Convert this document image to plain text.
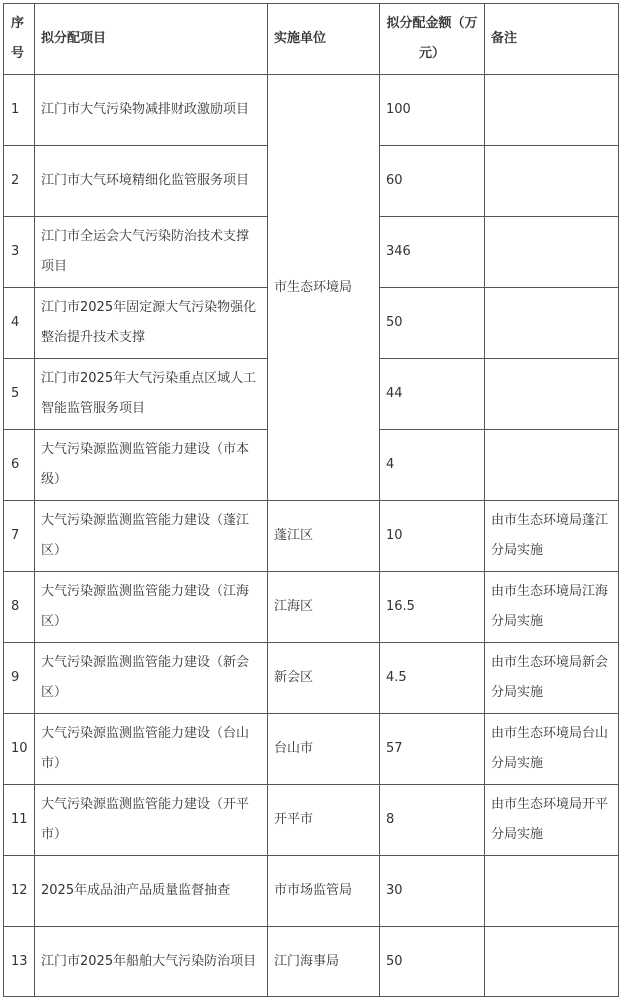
序号	拟分配项目	实施单位	拟分配金额（万元）	备注
1	江门市大气污染物减排财政激励项目	市生态环境局	100	
2	江门市大气环境精细化监管服务项目		60	
3	江门市全运会大气污染防治技术支撑项目		346	
4	江门市2025年固定源大气污染物强化整治提升技术支撑		50	
5	江门市2025年大气污染重点区域人工智能监管服务项目		44	
6	大气污染源监测监管能力建设（市本级）		4	
7	大气污染源监测监管能力建设（蓬江区）	蓬江区	10	由市生态环境局蓬江分局实施
8	大气污染源监测监管能力建设（江海区）	江海区	16.5	由市生态环境局江海分局实施
9	大气污染源监测监管能力建设（新会区）	新会区	4.5	由市生态环境局新会分局实施
10	大气污染源监测监管能力建设（台山市）	台山市	57	由市生态环境局台山分局实施
11	大气污染源监测监管能力建设（开平市）	开平市	8	由市生态环境局开平分局实施
12	2025年成品油产品质量监督抽查	市市场监管局	30	
13	江门市2025年船舶大气污染防治项目	江门海事局	50	
